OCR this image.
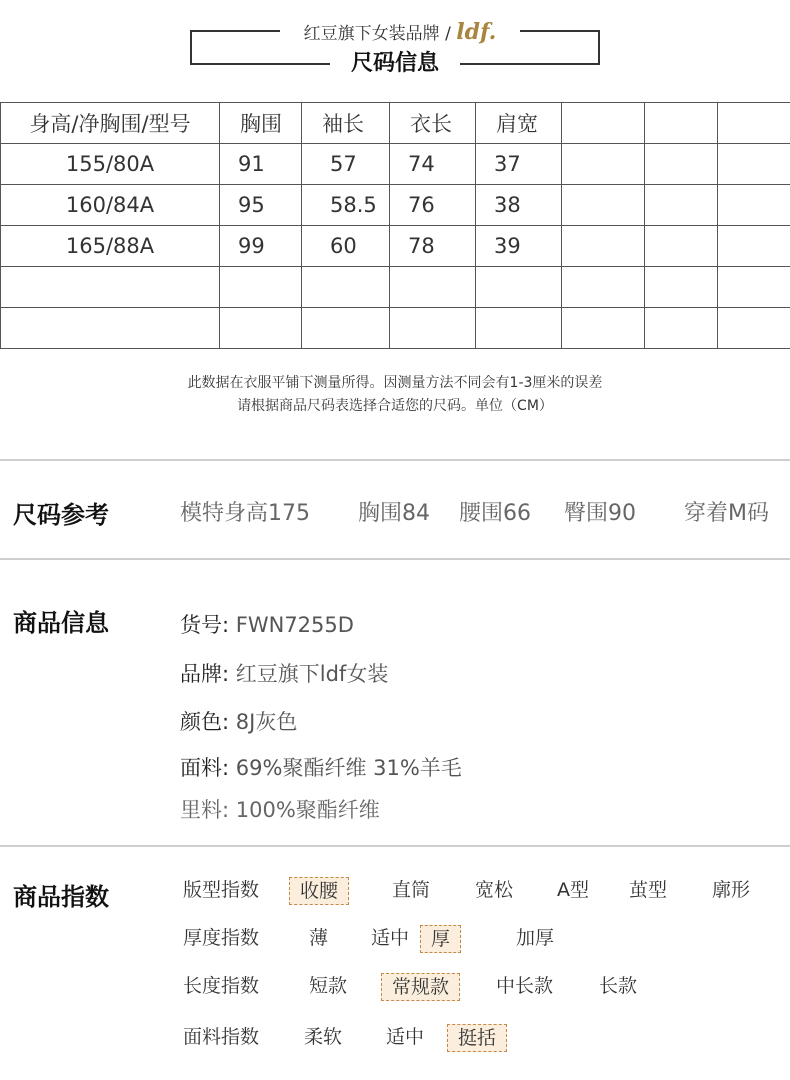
红豆旗下女装品牌 / ldf.
尺码信息
身高/净胸围/型号	胸围	袖长	衣长	肩宽			
155/80A	91	57	74	37			
160/84A	95	58.5	76	38			
165/88A	99	60	78	39			

此数据在衣服平铺下测量所得。因测量方法不同会有1-3厘米的误差
请根据商品尺码表选择合适您的尺码。单位（CM）
尺码参考	模特身高175 胸围84 腰围66 臀围90 穿着M码
商品信息	货号: FWN7255D
品牌: 红豆旗下ldf女装
颜色: 8J灰色
面料: 69%聚酯纤维 31%羊毛
里料: 100%聚酯纤维
商品指数	版型指数	收腰	直筒	宽松	A型	茧型	廓形
厚度指数	薄	适中	厚	加厚
长度指数	短款	常规款	中长款	长款
面料指数	柔软	适中	挺括
